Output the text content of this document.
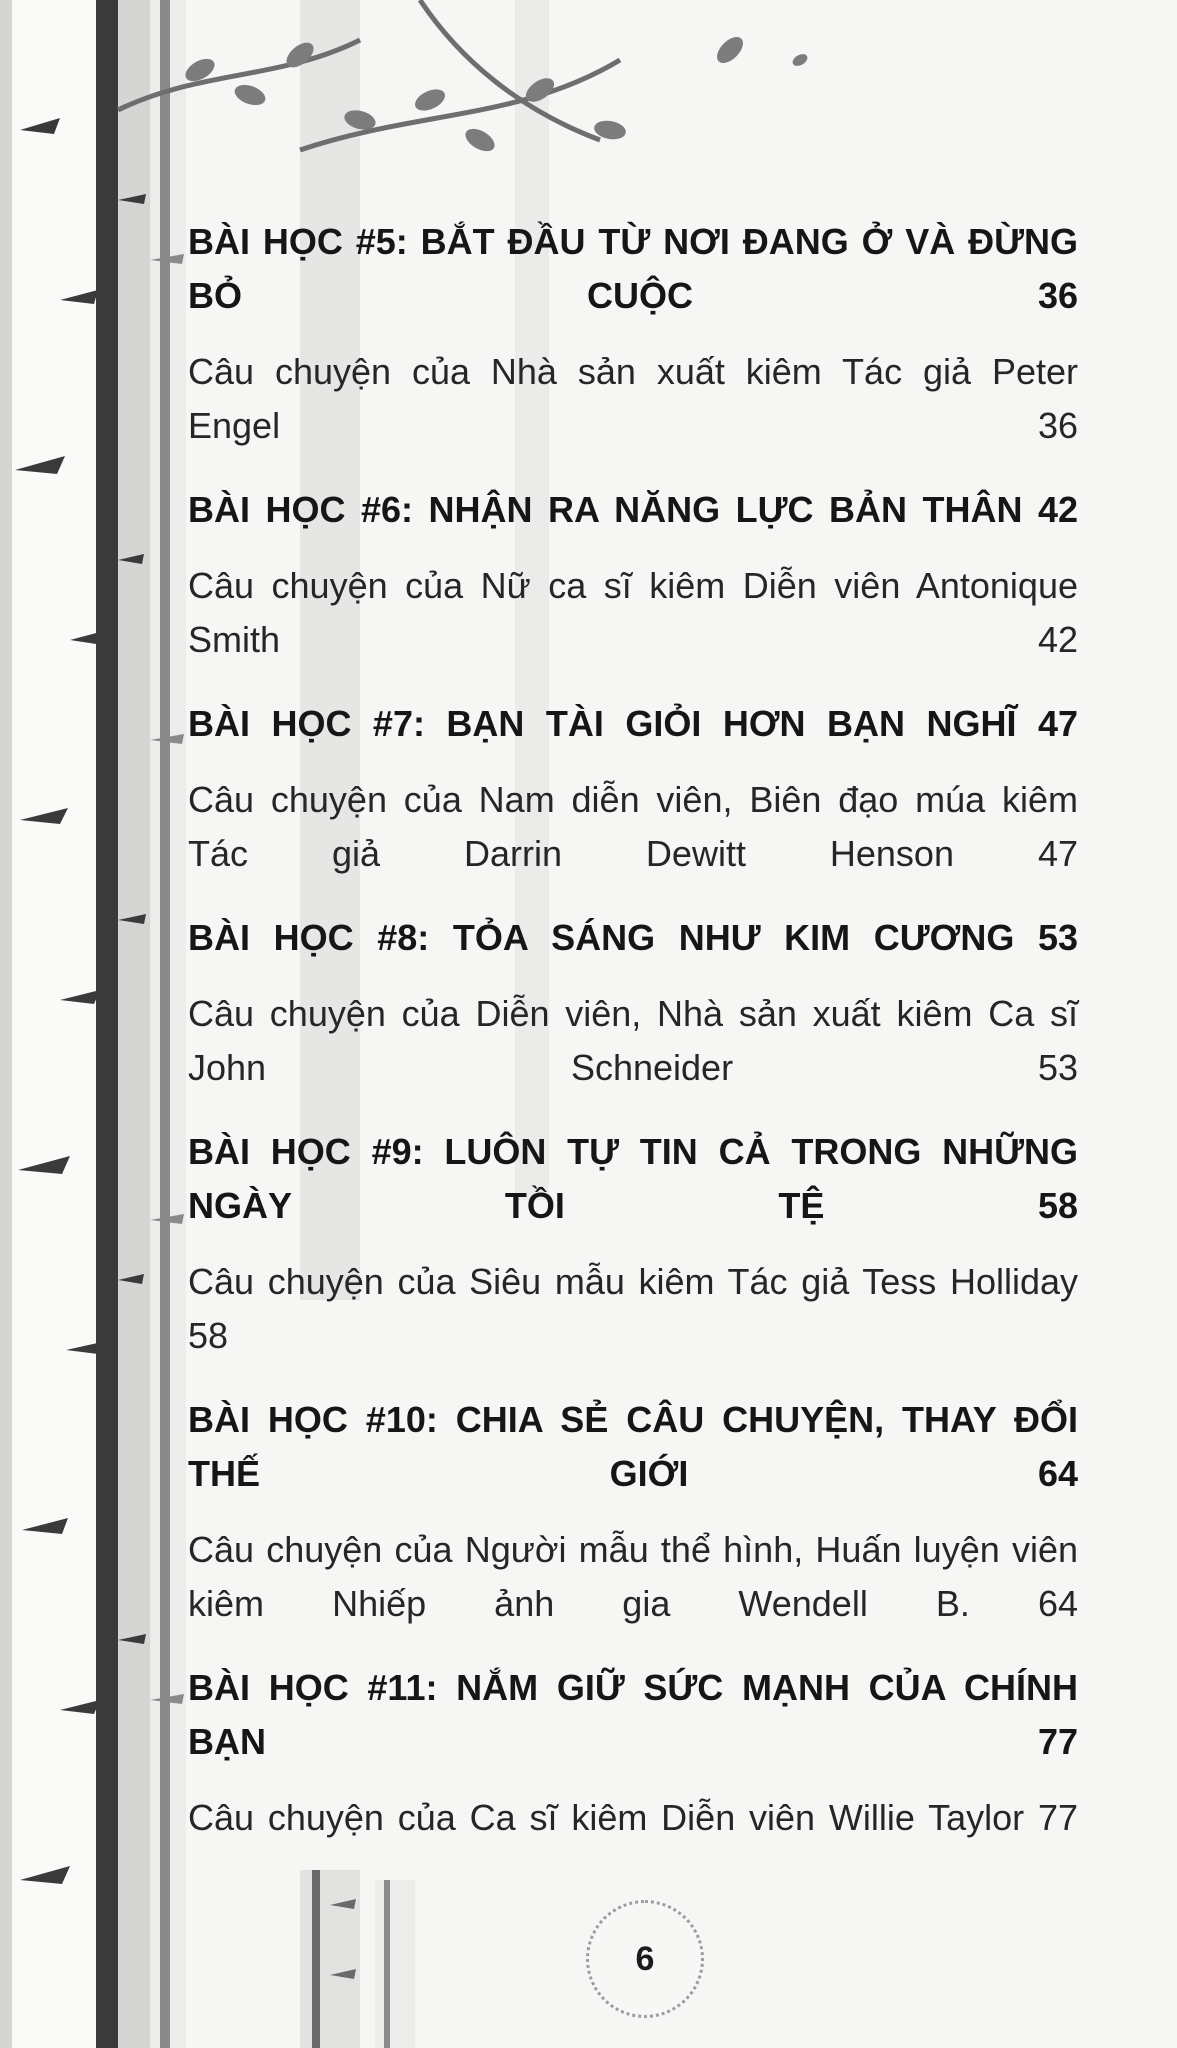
BÀI HỌC #5: BẮT ĐẦU TỪ NƠI ĐANG Ở VÀ ĐỪNG BỎ CUỘC	36

Câu chuyện của Nhà sản xuất kiêm Tác giả Peter Engel	36

BÀI HỌC #6: NHẬN RA NĂNG LỰC BẢN THÂN 42

Câu chuyện của Nữ ca sĩ kiêm Diễn viên Antonique Smith	42

BÀI HỌC #7: BẠN TÀI GIỎI HƠN BẠN NGHĨ 47

Câu chuyện của Nam diễn viên, Biên đạo múa kiêm Tác giả Darrin Dewitt Henson 47

BÀI HỌC #8: TỎA SÁNG NHƯ KIM CƯƠNG 53

Câu chuyện của Diễn viên, Nhà sản xuất kiêm Ca sĩ John Schneider	53

BÀI HỌC #9: LUÔN TỰ TIN CẢ TRONG NHỮNG NGÀY TỒI TỆ	58

Câu chuyện của Siêu mẫu kiêm Tác giả Tess Holliday 58

BÀI HỌC #10: CHIA SẺ CÂU CHUYỆN, THAY ĐỔI THẾ GIỚI	64

Câu chuyện của Người mẫu thể hình, Huấn luyện viên kiêm Nhiếp ảnh gia Wendell B. 64

BÀI HỌC #11: NẮM GIỮ SỨC MẠNH CỦA CHÍNH BẠN	77

Câu chuyện của Ca sĩ kiêm Diễn viên Willie Taylor 77

6
